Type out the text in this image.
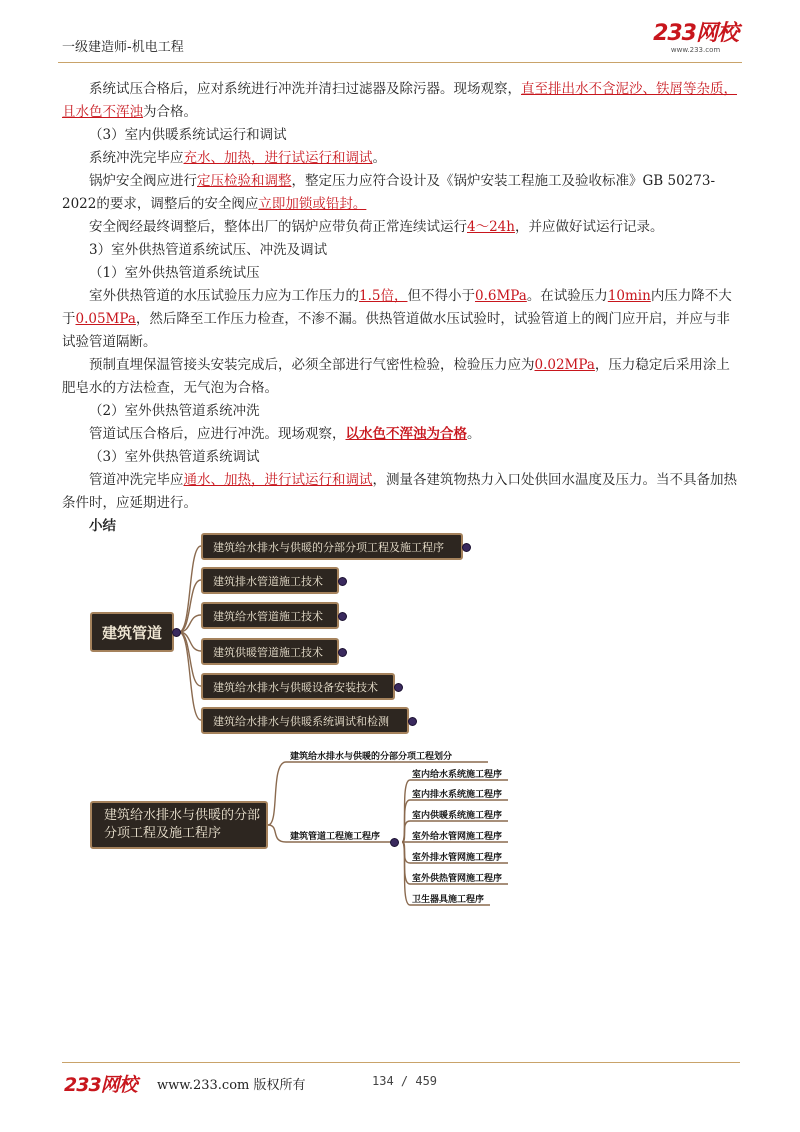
一级建造师-机电工程
233网校
www.233.com

系统试压合格后，应对系统进行冲洗并清扫过滤器及除污器。现场观察，直至排出水不含泥沙、铁屑等杂质，且水色不浑浊为合格。

（3）室内供暖系统试运行和调试

系统冲洗完毕应充水、加热，进行试运行和调试。

锅炉安全阀应进行定压检验和调整，整定压力应符合设计及《锅炉安装工程施工及验收标准》GB 50273-2022的要求，调整后的安全阀应立即加锁或铅封。

安全阀经最终调整后，整体出厂的锅炉应带负荷正常连续试运行4～24h，并应做好试运行记录。

3）室外供热管道系统试压、冲洗及调试

（1）室外供热管道系统试压

室外供热管道的水压试验压力应为工作压力的1.5倍，但不得小于0.6MPa。在试验压力10min内压力降不大于0.05MPa，然后降至工作压力检查，不渗不漏。供热管道做水压试验时，试验管道上的阀门应开启，并应与非试验管道隔断。

预制直埋保温管接头安装完成后，必须全部进行气密性检验，检验压力应为0.02MPa，压力稳定后采用涂上肥皂水的方法检查，无气泡为合格。

（2）室外供热管道系统冲洗

管道试压合格后，应进行冲洗。现场观察，以水色不浑浊为合格。

（3）室外供热管道系统调试

管道冲洗完毕应通水、加热，进行试运行和调试，测量各建筑物热力入口处供回水温度及压力。当不具备加热条件时，应延期进行。

小结

建筑管道
建筑给水排水与供暖的分部分项工程及施工程序
建筑排水管道施工技术
建筑给水管道施工技术
建筑供暖管道施工技术
建筑给水排水与供暖设备安装技术
建筑给水排水与供暖系统调试和检测
建筑给水排水与供暖的分部
分项工程及施工程序
建筑给水排水与供暖的分部分项工程划分
建筑管道工程施工程序
室内给水系统施工程序
室内排水系统施工程序
室内供暖系统施工程序
室外给水管网施工程序
室外排水管网施工程序
室外供热管网施工程序
卫生器具施工程序
233网校 www.233.com 版权所有	134 / 459
